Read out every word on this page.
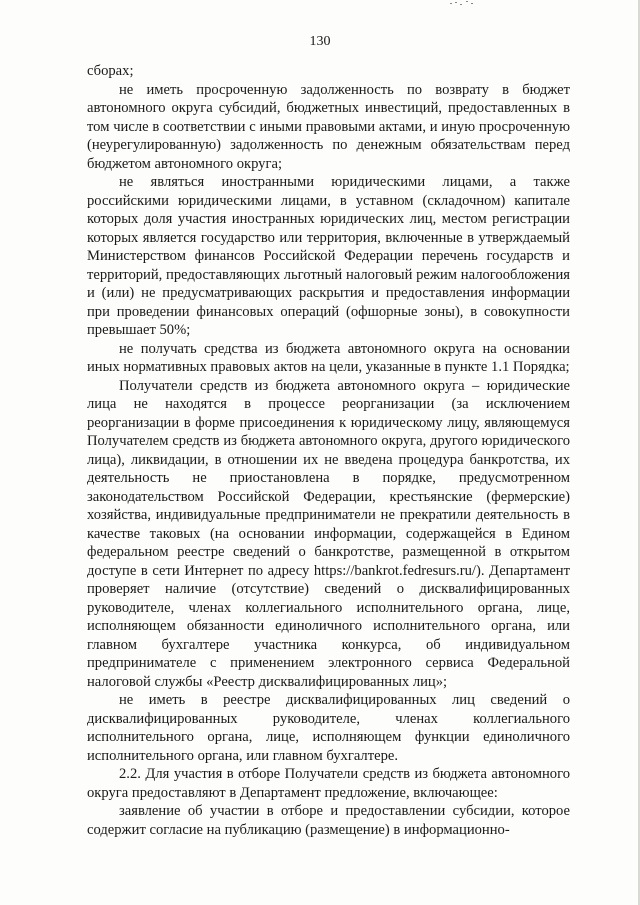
130

сборах;

не иметь просроченную задолженность по возврату в бюджет автономного округа субсидий, бюджетных инвестиций, предоставленных в том числе в соответствии с иными правовыми актами, и иную просроченную (неурегулированную) задолженность по денежным обязательствам перед бюджетом автономного округа;

не являться иностранными юридическими лицами, а также российскими юридическими лицами, в уставном (складочном) капитале которых доля участия иностранных юридических лиц, местом регистрации которых является государство или территория, включенные в утверждаемый Министерством финансов Российской Федерации перечень государств и территорий, предоставляющих льготный налоговый режим налогообложения и (или) не предусматривающих раскрытия и предоставления информации при проведении финансовых операций (офшорные зоны), в совокупности превышает 50%;

не получать средства из бюджета автономного округа на основании иных нормативных правовых актов на цели, указанные в пункте 1.1 Порядка;

Получатели средств из бюджета автономного округа – юридические лица не находятся в процессе реорганизации (за исключением реорганизации в форме присоединения к юридическому лицу, являющемуся Получателем средств из бюджета автономного округа, другого юридического лица), ликвидации, в отношении их не введена процедура банкротства, их деятельность не приостановлена в порядке, предусмотренном законодательством Российской Федерации, крестьянские (фермерские) хозяйства, индивидуальные предприниматели не прекратили деятельность в качестве таковых (на основании информации, содержащейся в Едином федеральном реестре сведений о банкротстве, размещенной в открытом доступе в сети Интернет по адресу https://bankrot.fedresurs.ru/). Департамент проверяет наличие (отсутствие) сведений о дисквалифицированных руководителе, членах коллегиального исполнительного органа, лице, исполняющем обязанности единоличного исполнительного органа, или главном бухгалтере участника конкурса, об индивидуальном предпринимателе с применением электронного сервиса Федеральной налоговой службы «Реестр дисквалифицированных лиц»;

не иметь в реестре дисквалифицированных лиц сведений о дисквалифицированных руководителе, членах коллегиального исполнительного органа, лице, исполняющем функции единоличного исполнительного органа, или главном бухгалтере.

2.2. Для участия в отборе Получатели средств из бюджета автономного округа предоставляют в Департамент предложение, включающее:

заявление об участии в отборе и предоставлении субсидии, которое содержит согласие на публикацию (размещение) в информационно-
